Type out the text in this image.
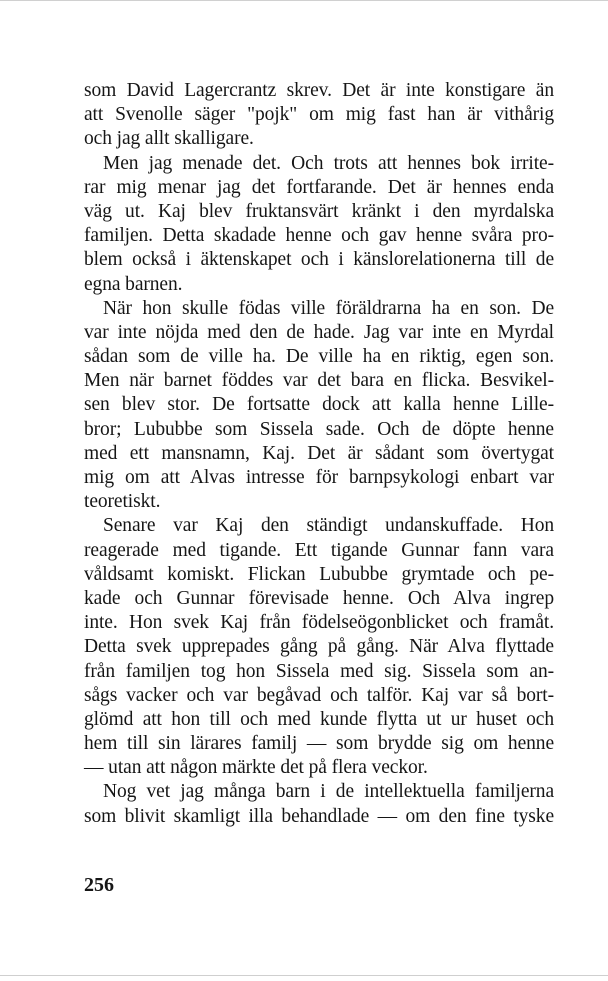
som David Lagercrantz skrev. Det är inte konstigare än
att Svenolle säger "pojk" om mig fast han är vithårig
och jag allt skalligare.
Men jag menade det. Och trots att hennes bok irrite-
rar mig menar jag det fortfarande. Det är hennes enda
väg ut. Kaj blev fruktansvärt kränkt i den myrdalska
familjen. Detta skadade henne och gav henne svåra pro-
blem också i äktenskapet och i känslorelationerna till de
egna barnen.
När hon skulle födas ville föräldrarna ha en son. De
var inte nöjda med den de hade. Jag var inte en Myrdal
sådan som de ville ha. De ville ha en riktig, egen son.
Men när barnet föddes var det bara en flicka. Besvikel-
sen blev stor. De fortsatte dock att kalla henne Lille-
bror; Lububbe som Sissela sade. Och de döpte henne
med ett mansnamn, Kaj. Det är sådant som övertygat
mig om att Alvas intresse för barnpsykologi enbart var
teoretiskt.
Senare var Kaj den ständigt undanskuffade. Hon
reagerade med tigande. Ett tigande Gunnar fann vara
våldsamt komiskt. Flickan Lububbe grymtade och pe-
kade och Gunnar förevisade henne. Och Alva ingrep
inte. Hon svek Kaj från födelseögonblicket och framåt.
Detta svek upprepades gång på gång. När Alva flyttade
från familjen tog hon Sissela med sig. Sissela som an-
sågs vacker och var begåvad och talför. Kaj var så bort-
glömd att hon till och med kunde flytta ut ur huset och
hem till sin lärares familj — som brydde sig om henne
— utan att någon märkte det på flera veckor.
Nog vet jag många barn i de intellektuella familjerna
som blivit skamligt illa behandlade — om den fine tyske
256
